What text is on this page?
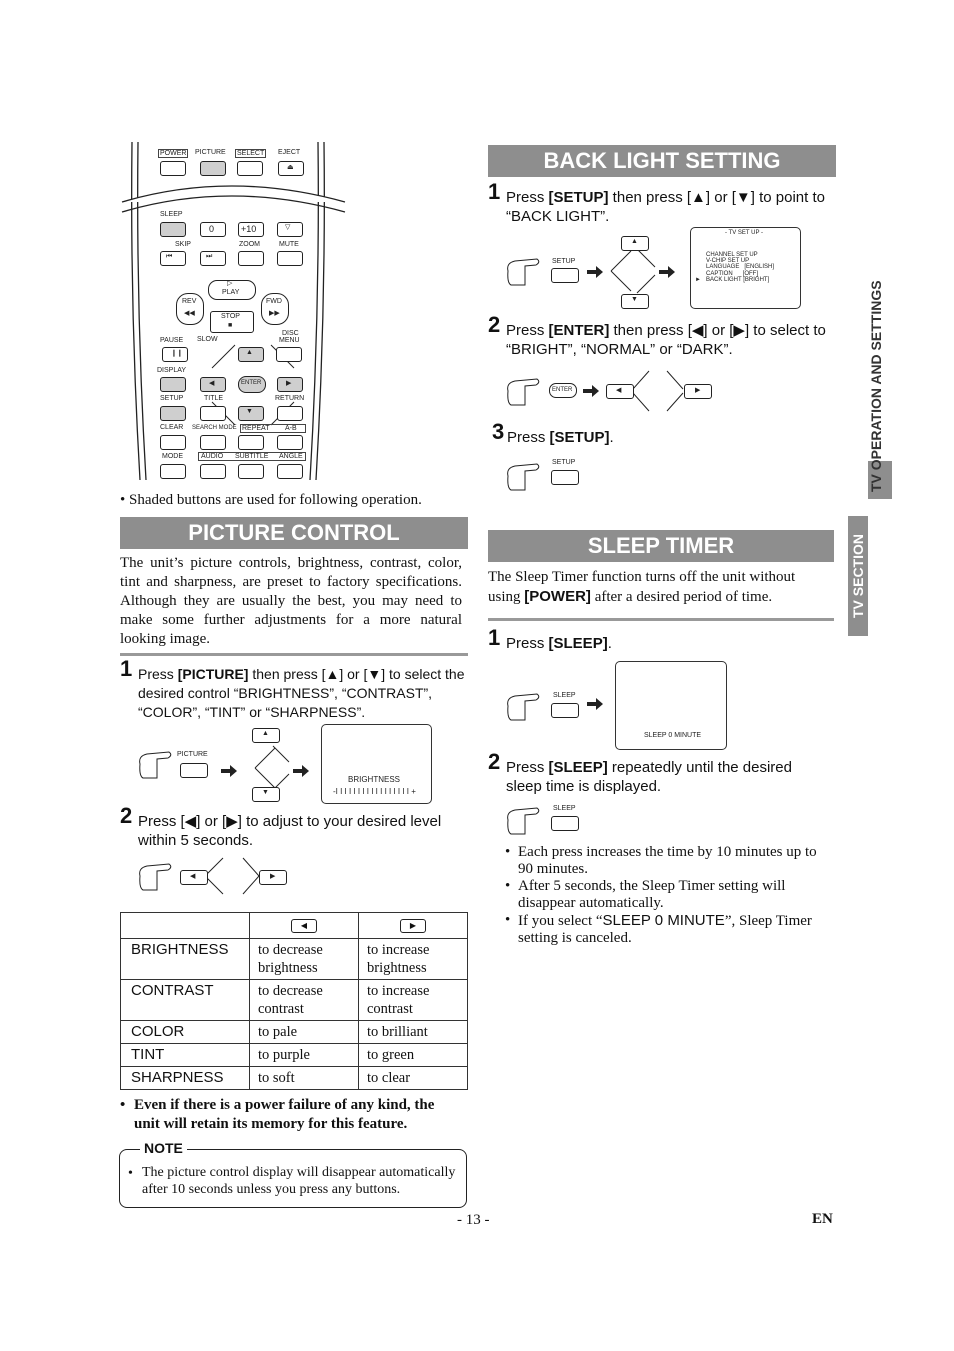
POWER PICTURE SELECT EJECT
⏏
SLEEP
0	+10	▽
SKIP	ZOOM	MUTE
⏮	⏭
▷
PLAY
REV
◀◀
FWD
▶▶
STOP
■
PAUSE SLOW
DISC
MENU
❙❙	▲
DISPLAY
◀	ENTER	▶
SETUP	TITLE	RETURN
▼
CLEAR SEARCH MODE REPEAT A-B
MODE	AUDIO SUBTITLE ANGLE
• Shaded buttons are used for following operation.
PICTURE CONTROL
The unit’s picture controls, brightness, contrast, color, tint and sharpness, are preset to factory specifications. Although they are usually the best, you may need to make some further adjustments for a more natural looking image.
1 Press [PICTURE] then press [▲] or [▼] to select the desired control “BRIGHTNESS”, “CONTRAST”, “COLOR”, “TINT” or “SHARPNESS”.
PICTURE
▲
▼
BRIGHTNESS
-I I I I I I I I I I I I I I I I I +
2 Press [◀] or [▶] to adjust to your desired level within 5 seconds.
◀	▶
	◀	▶
BRIGHTNESS	to decrease brightness	to increase brightness
CONTRAST	to decrease contrast	to increase contrast
COLOR	to pale	to brilliant
TINT	to purple	to green
SHARPNESS	to soft	to clear
• Even if there is a power failure of any kind, the unit will retain its memory for this feature.
NOTE
• The picture control display will disappear automatically after 10 seconds unless you press any buttons.
BACK LIGHT SETTING
1 Press [SETUP] then press [▲] or [▼] to point to “BACK LIGHT”.
SETUP
▲
▼
- TV SET UP -
CHANNEL SET UP
V-CHIP SET UP
LANGUAGE   [ENGLISH]
CAPTION      [OFF]
► BACK LIGHT [BRIGHT]
2 Press [ENTER] then press [◀] or [▶] to select to “BRIGHT”, “NORMAL” or “DARK”.
ENTER	◀	▶
3 Press [SETUP].
SETUP
SLEEP TIMER
The Sleep Timer function turns off the unit without using [POWER] after a desired period of time.
1 Press [SLEEP].
SLEEP
SLEEP 0 MINUTE
2 Press [SLEEP] repeatedly until the desired sleep time is displayed.
SLEEP
• Each press increases the time by 10 minutes up to 90 minutes.
• After 5 seconds, the Sleep Timer setting will disappear automatically.
• If you select “SLEEP 0 MINUTE”, Sleep Timer setting is canceled.
TV OPERATION AND SETTINGS
TV SECTION
- 13 -	EN
